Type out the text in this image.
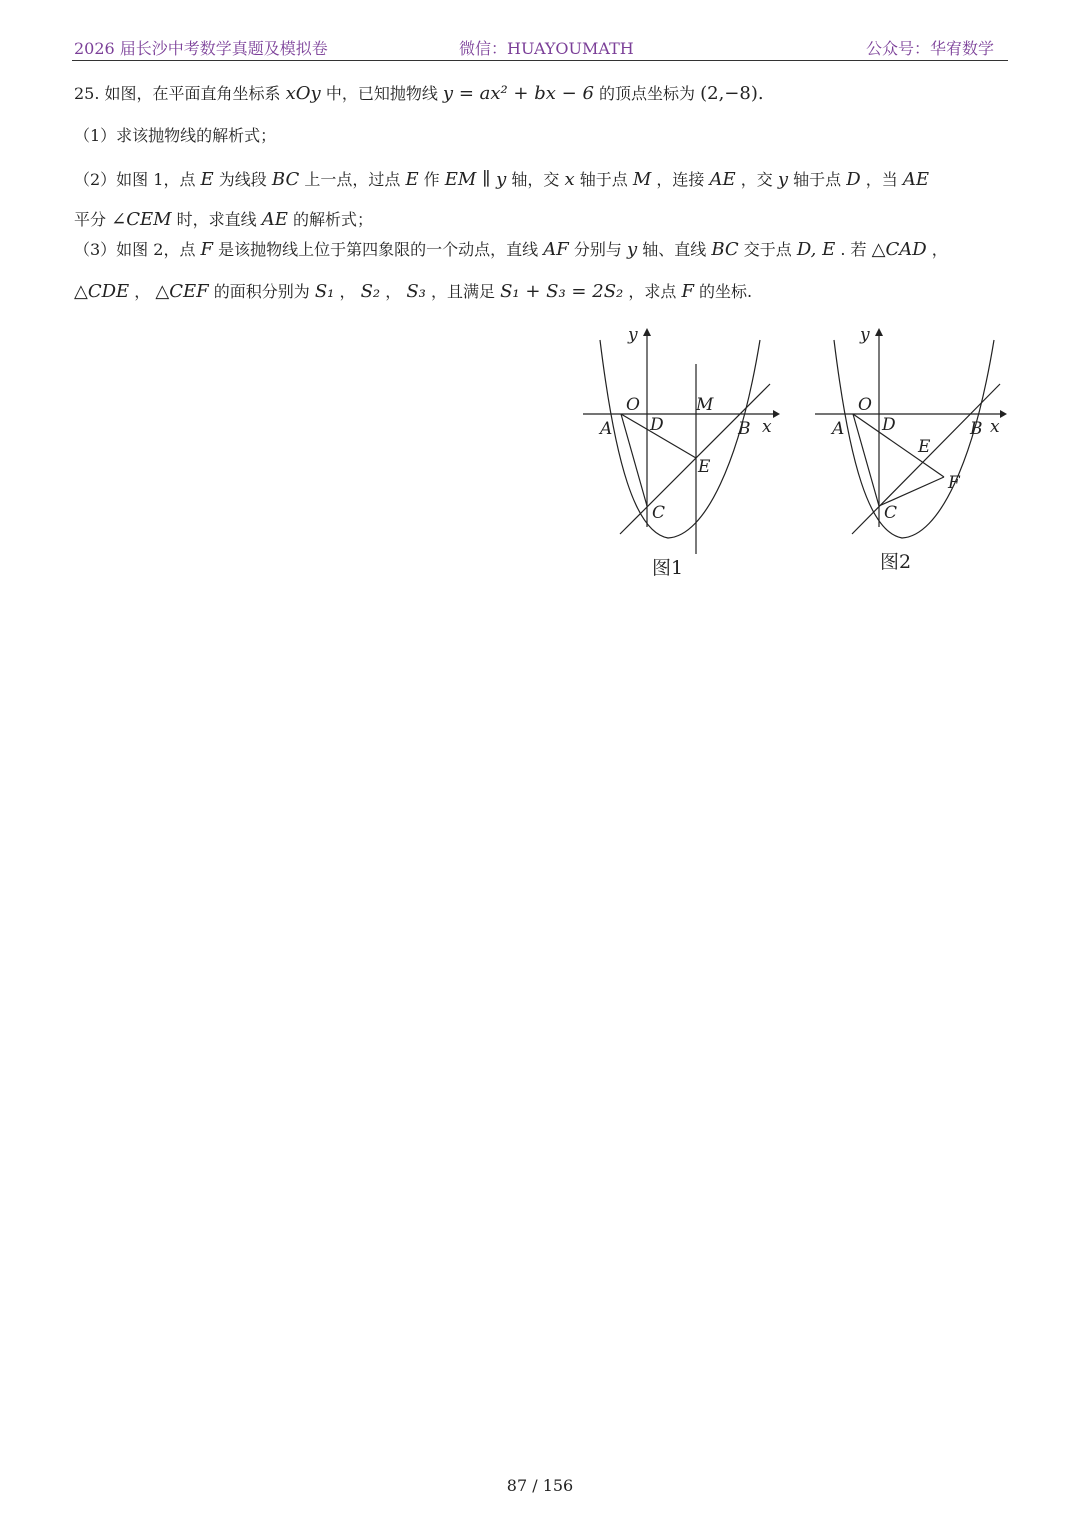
2026 届长沙中考数学真题及模拟卷	微信：HUAYOUMATH	公众号：华宥数学
25. 如图，在平面直角坐标系 xOy 中，已知抛物线 y = ax² + bx − 6 的顶点坐标为 (2,−8).
（1）求该抛物线的解析式；
（2）如图 1，点 E 为线段 BC 上一点，过点 E 作 EM ∥ y 轴，交 x 轴于点 M ，连接 AE ，交 y 轴于点 D ，当 AE
平分 ∠CEM 时，求直线 AE 的解析式；
（3）如图 2，点 F 是该抛物线上位于第四象限的一个动点，直线 AF 分别与 y 轴、直线 BC 交于点 D, E . 若 △CAD ，
△CDE ， △CEF 的面积分别为 S₁ ， S₂ ， S₃ ，且满足 S₁ + S₃ = 2S₂ ，求点 F 的坐标.
y
x
O	M
A D	B
E
C
图1
y
x
O
A D	B
E
F
C
图2
87 / 156
